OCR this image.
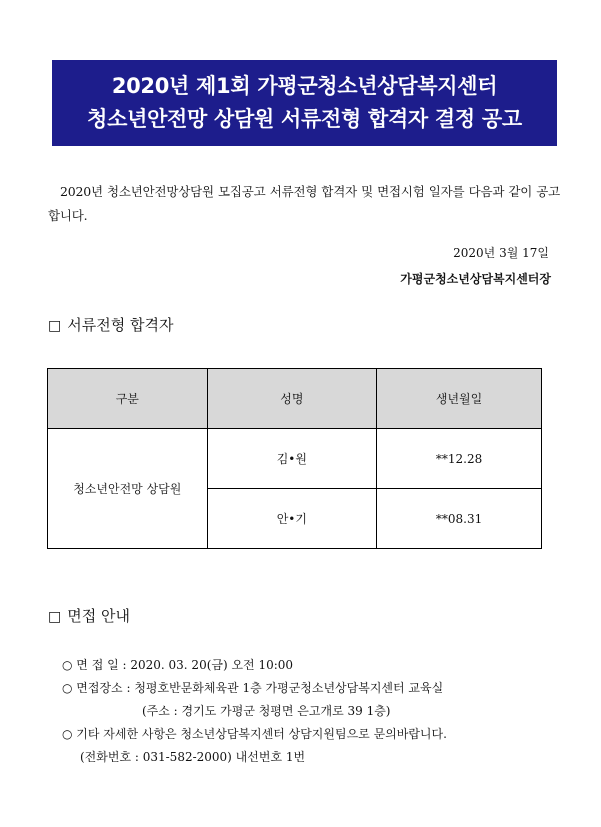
2020년 제1회 가평군청소년상담복지센터
청소년안전망 상담원 서류전형 합격자 결정 공고
2020년 청소년안전망상담원 모집공고 서류전형 합격자 및 면접시험 일자를 다음과 같이 공고합니다.
2020년 3월 17일
가평군청소년상담복지센터장
□ 서류전형 합격자
구분	성명	생년월일
청소년안전망 상담원	김•원	**12.28
	안•기	**08.31
□ 면접 안내
○ 면 접 일 : 2020. 03. 20(금) 오전 10:00
○ 면접장소 : 청평호반문화체육관 1층 가평군청소년상담복지센터 교육실
(주소 : 경기도 가평군 청평면 은고개로 39 1층)
○ 기타 자세한 사항은 청소년상담복지센터 상담지원팀으로 문의바랍니다.
(전화번호 : 031-582-2000) 내선번호 1번
